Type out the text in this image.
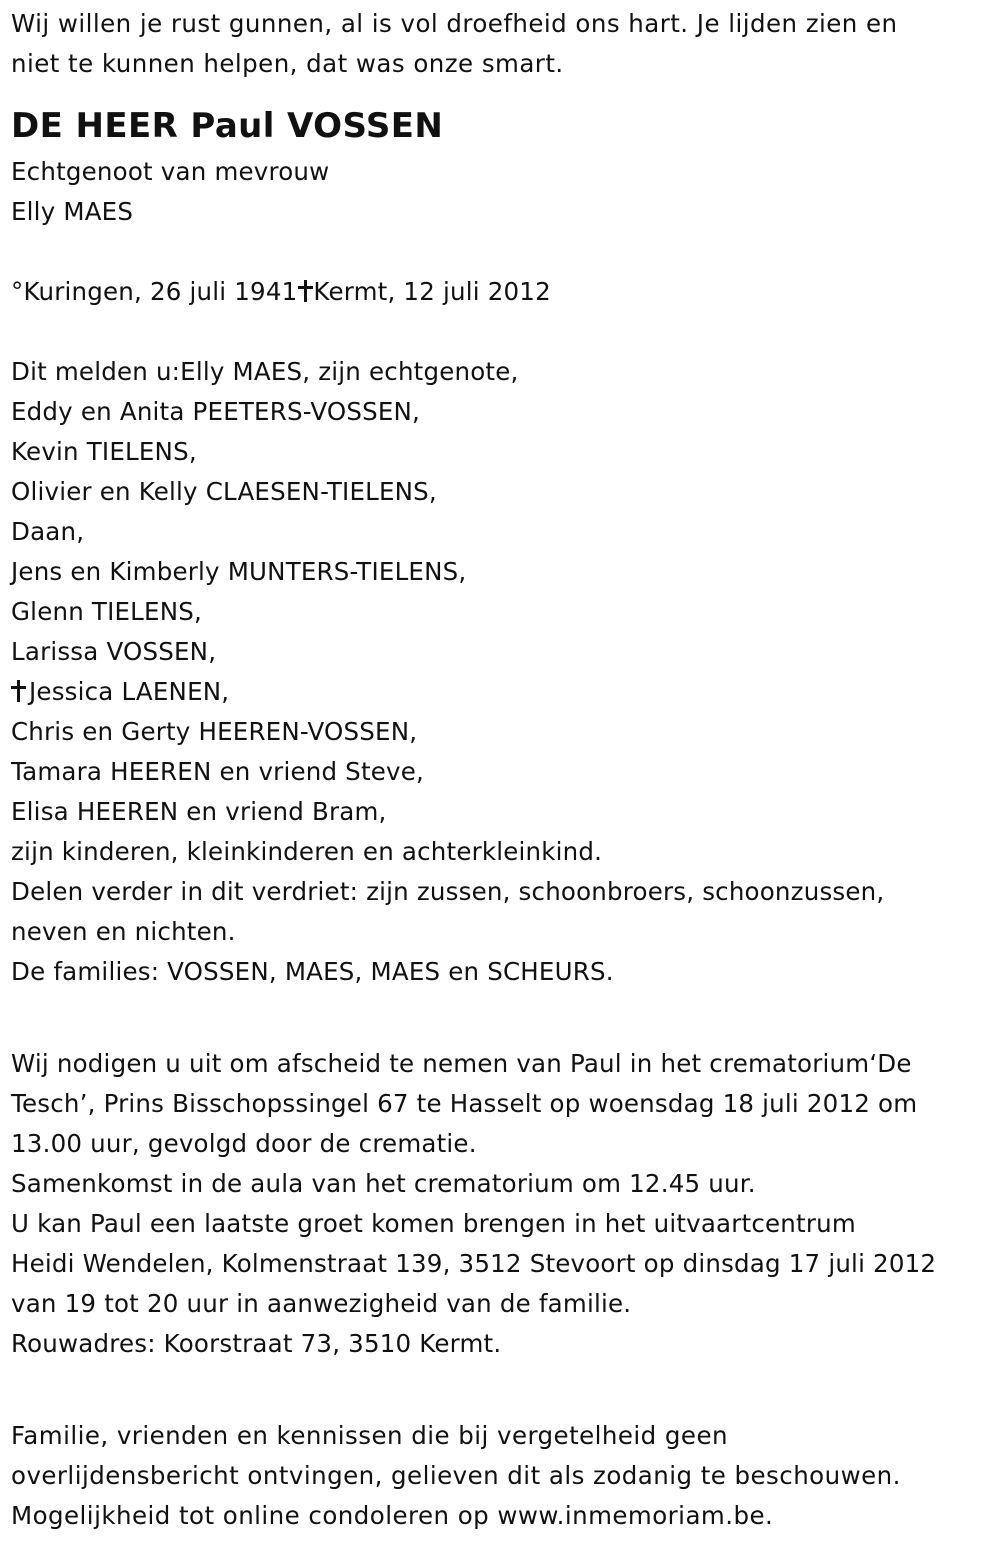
Wij willen je rust gunnen, al is vol droefheid ons hart. Je lijden zien en
niet te kunnen helpen, dat was onze smart.
DE HEER Paul VOSSEN
Echtgenoot van mevrouw
Elly MAES
°Kuringen, 26 juli 1941 Kermt, 12 juli 2012
Dit melden u:Elly MAES, zijn echtgenote,
Eddy en Anita PEETERS-VOSSEN,
Kevin TIELENS,
Olivier en Kelly CLAESEN-TIELENS,
Daan,
Jens en Kimberly MUNTERS-TIELENS,
Glenn TIELENS,
Larissa VOSSEN,
Jessica LAENEN,
Chris en Gerty HEEREN-VOSSEN,
Tamara HEEREN en vriend Steve,
Elisa HEEREN en vriend Bram,
zijn kinderen, kleinkinderen en achterkleinkind.
Delen verder in dit verdriet: zijn zussen, schoonbroers, schoonzussen,
neven en nichten.
De families: VOSSEN, MAES, MAES en SCHEURS.
Wij nodigen u uit om afscheid te nemen van Paul in het crematorium‘De
Tesch’, Prins Bisschopssingel 67 te Hasselt op woensdag 18 juli 2012 om
13.00 uur, gevolgd door de crematie.
Samenkomst in de aula van het crematorium om 12.45 uur.
U kan Paul een laatste groet komen brengen in het uitvaartcentrum
Heidi Wendelen, Kolmenstraat 139, 3512 Stevoort op dinsdag 17 juli 2012
van 19 tot 20 uur in aanwezigheid van de familie.
Rouwadres: Koorstraat 73, 3510 Kermt.
Familie, vrienden en kennissen die bij vergetelheid geen
overlijdensbericht ontvingen, gelieven dit als zodanig te beschouwen.
Mogelijkheid tot online condoleren op www.inmemoriam.be.
